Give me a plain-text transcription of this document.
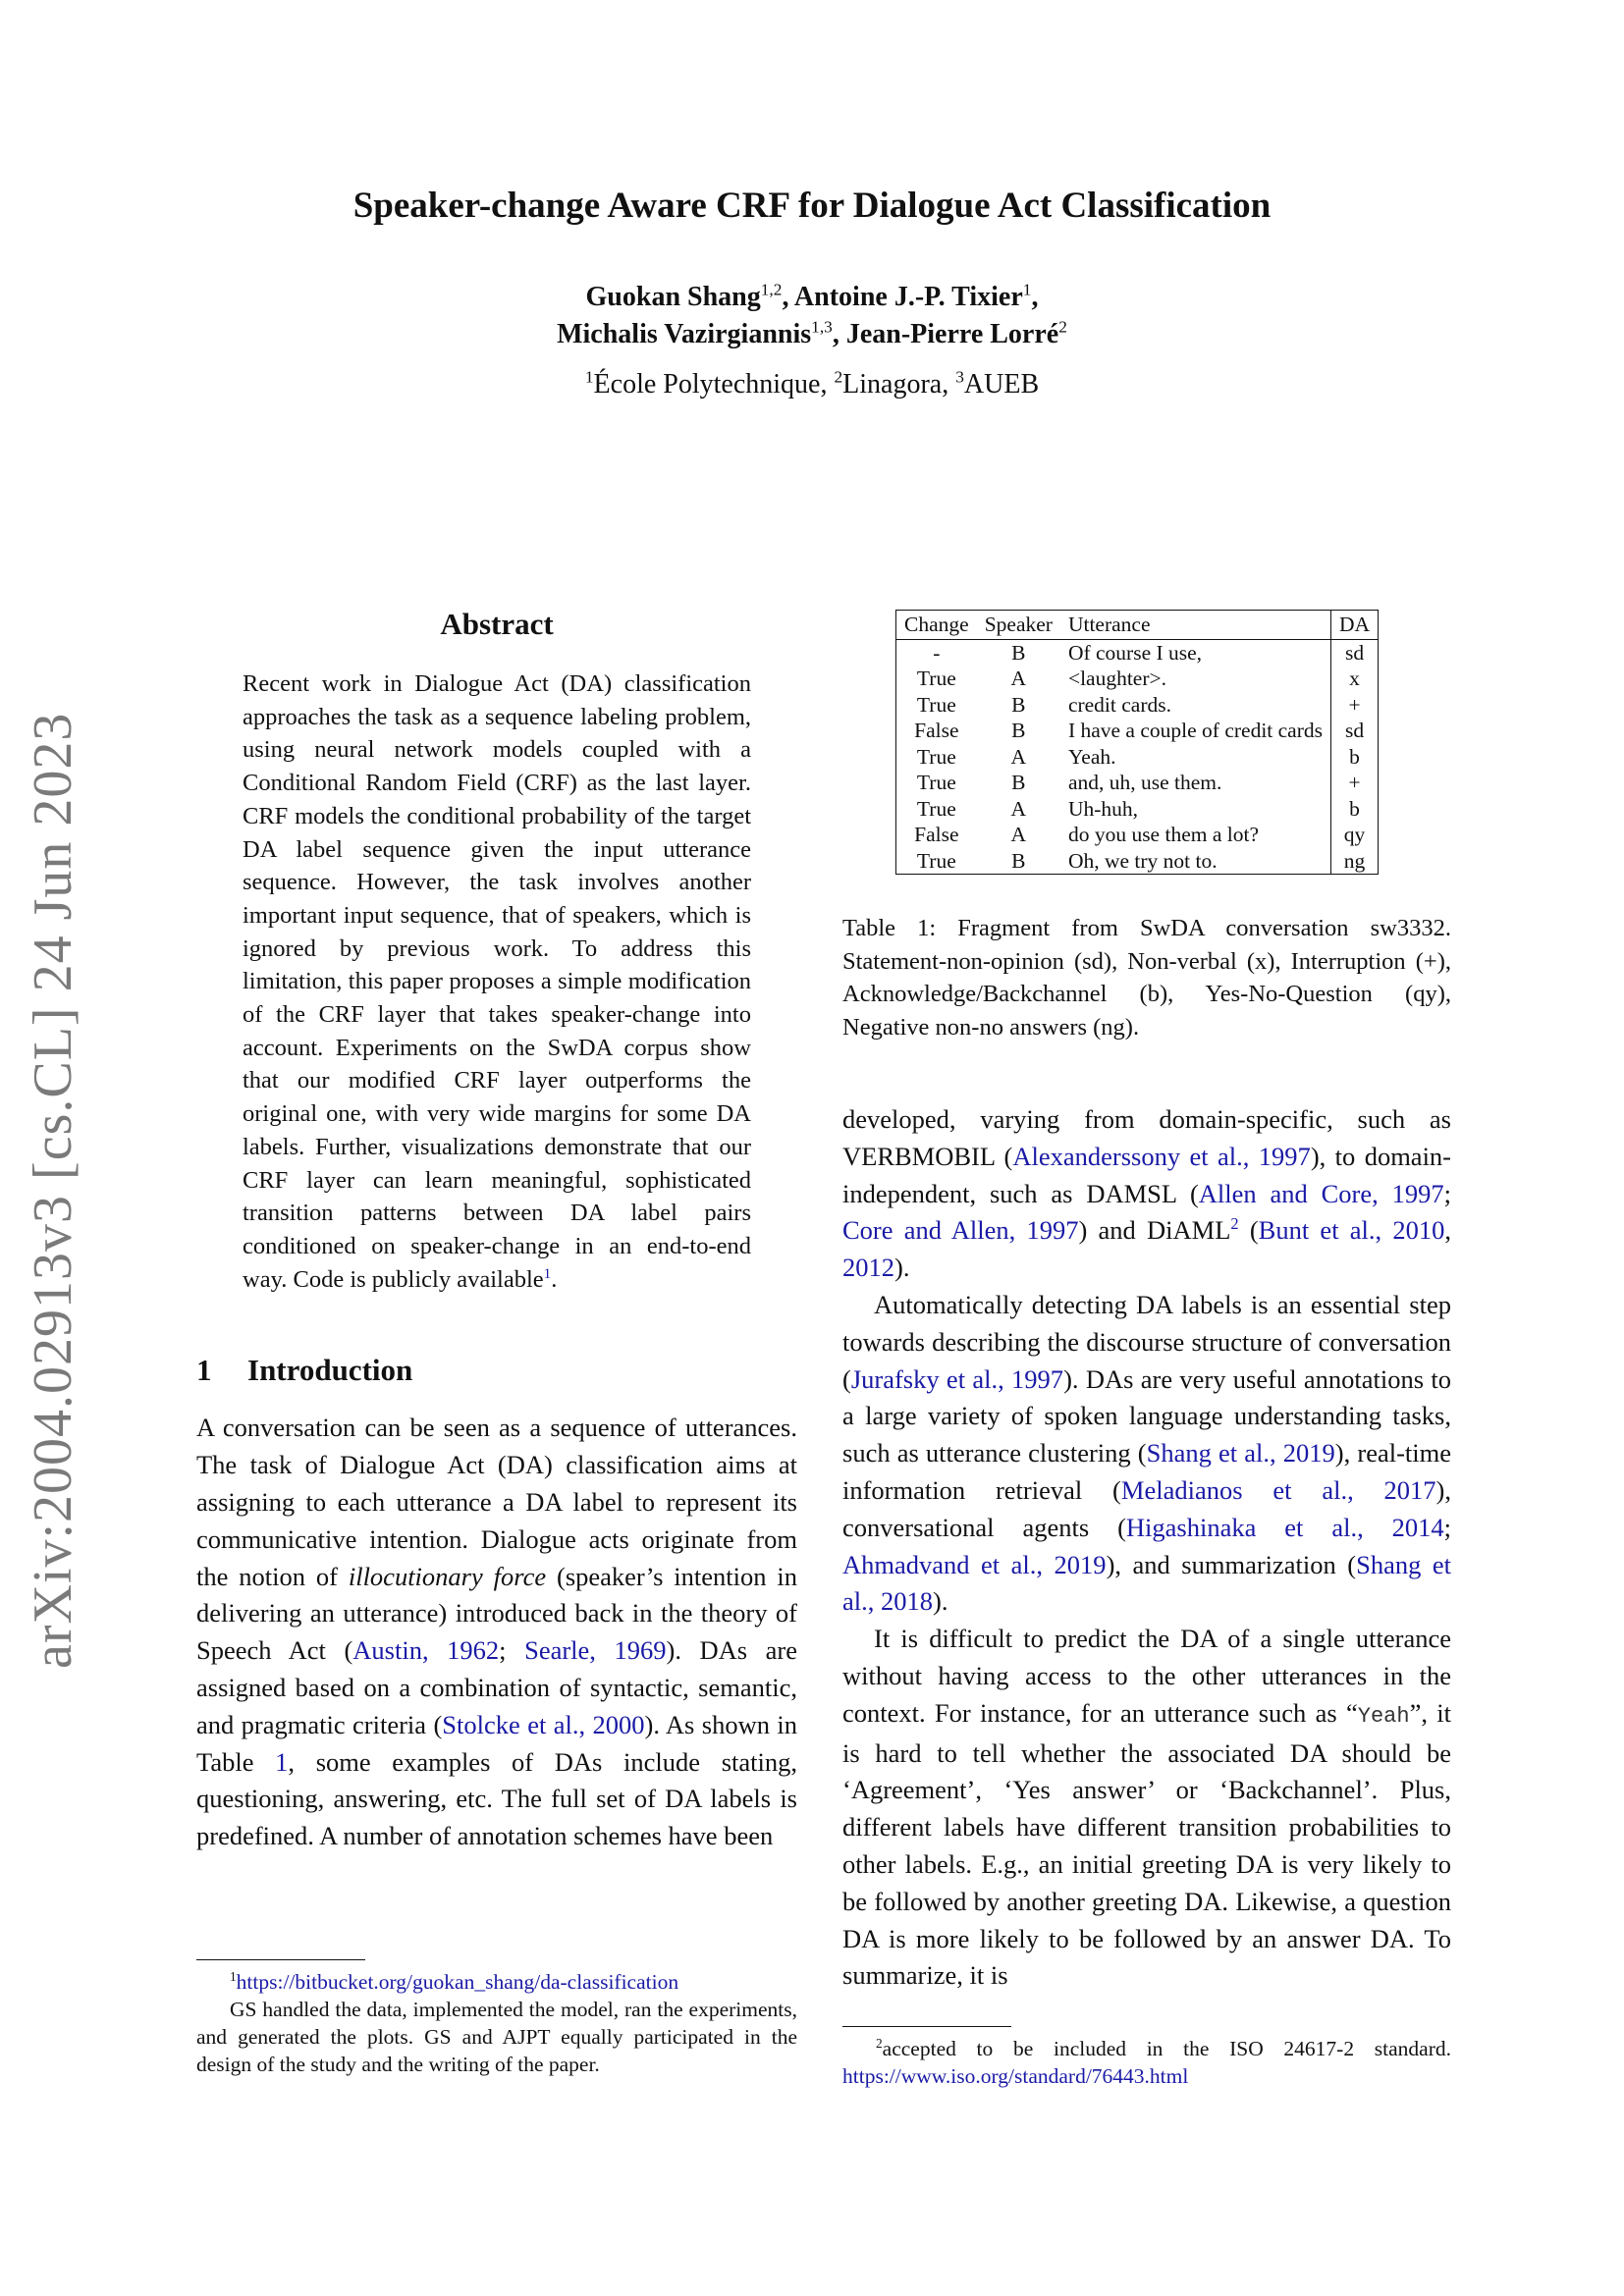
arXiv:2004.02913v3 [cs.CL] 24 Jun 2023
Speaker-change Aware CRF for Dialogue Act Classification
Guokan Shang$^{1,2}$, Antoine J.-P. Tixier$^1$,
Michalis Vazirgiannis$^{1,3}$, Jean-Pierre Lorré$^2$
$^1$École Polytechnique, $^2$Linagora, $^3$AUEB
Abstract

Recent work in Dialogue Act (DA) classification approaches the task as a sequence labeling problem, using neural network models coupled with a Conditional Random Field (CRF) as the last layer. CRF models the conditional probability of the target DA label sequence given the input utterance sequence. However, the task involves another important input sequence, that of speakers, which is ignored by previous work. To address this limitation, this paper proposes a simple modification of the CRF layer that takes speaker-change into account. Experiments on the SwDA corpus show that our modified CRF layer outperforms the original one, with very wide margins for some DA labels. Further, visualizations demonstrate that our CRF layer can learn meaningful, sophisticated transition patterns between DA label pairs conditioned on speaker-change in an end-to-end way. Code is publicly available$^1$.

1 Introduction

A conversation can be seen as a sequence of utterances. The task of Dialogue Act (DA) classification aims at assigning to each utterance a DA label to represent its communicative intention. Dialogue acts originate from the notion of illocutionary force (speaker’s intention in delivering an utterance) introduced back in the theory of Speech Act (Austin, 1962; Searle, 1969). DAs are assigned based on a combination of syntactic, semantic, and pragmatic criteria (Stolcke et al., 2000). As shown in Table 1, some examples of DAs include stating, questioning, answering, etc. The full set of DA labels is predefined. A number of annotation schemes have been

$^1$https://bitbucket.org/guokan_shang/da-classification

GS handled the data, implemented the model, ran the experiments, and generated the plots. GS and AJPT equally participated in the design of the study and the writing of the paper.

Change	Speaker	Utterance	DA
-	B	Of course I use,	sd
True	A	<laughter>.	x
True	B	credit cards.	+
False	B	I have a couple of credit cards	sd
True	A	Yeah.	b
True	B	and, uh, use them.	+
True	A	Uh-huh,	b
False	A	do you use them a lot?	qy
True	B	Oh, we try not to.	ng

Table 1: Fragment from SwDA conversation sw3332. Statement-non-opinion (sd), Non-verbal (x), Interruption (+), Acknowledge/Backchannel (b), Yes-No-Question (qy), Negative non-no answers (ng).

developed, varying from domain-specific, such as VERBMOBIL (Alexanderssony et al., 1997), to domain-independent, such as DAMSL (Allen and Core, 1997; Core and Allen, 1997) and DiAML$^2$ (Bunt et al., 2010, 2012).

Automatically detecting DA labels is an essential step towards describing the discourse structure of conversation (Jurafsky et al., 1997). DAs are very useful annotations to a large variety of spoken language understanding tasks, such as utterance clustering (Shang et al., 2019), real-time information retrieval (Meladianos et al., 2017), conversational agents (Higashinaka et al., 2014; Ahmadvand et al., 2019), and summarization (Shang et al., 2018).

It is difficult to predict the DA of a single utterance without having access to the other utterances in the context. For instance, for an utterance such as “Yeah”, it is hard to tell whether the associated DA should be ‘Agreement’, ‘Yes answer’ or ‘Backchannel’. Plus, different labels have different transition probabilities to other labels. E.g., an initial greeting DA is very likely to be followed by another greeting DA. Likewise, a question DA is more likely to be followed by an answer DA. To summarize, it is

$^2$accepted to be included in the ISO 24617-2 standard. https://www.iso.org/standard/76443.html
